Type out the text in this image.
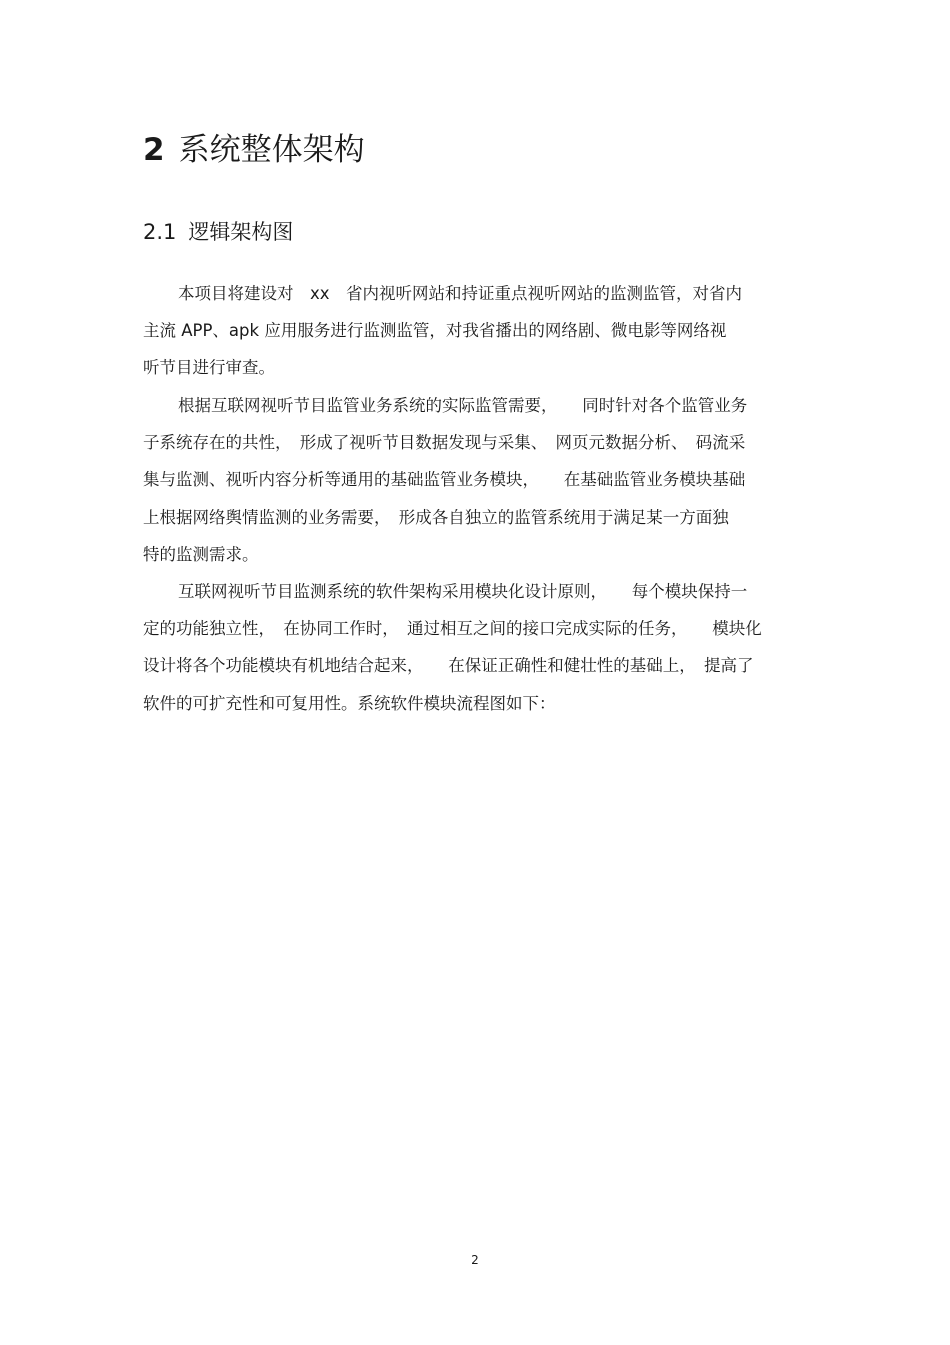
2 系统整体架构
2.1 逻辑架构图
本项目将建设对　xx　省内视听网站和持证重点视听网站的监测监管，对省内
主流 APP、apk 应用服务进行监测监管，对我省播出的网络剧、微电影等网络视
听节目进行审查。
根据互联网视听节目监管业务系统的实际监管需要，　　同时针对各个监管业务
子系统存在的共性，　形成了视听节目数据发现与采集、　网页元数据分析、　码流采
集与监测、视听内容分析等通用的基础监管业务模块，　　在基础监管业务模块基础
上根据网络舆情监测的业务需要，　形成各自独立的监管系统用于满足某一方面独
特的监测需求。
互联网视听节目监测系统的软件架构采用模块化设计原则，　　每个模块保持一
定的功能独立性，　在协同工作时，　通过相互之间的接口完成实际的任务，　　模块化
设计将各个功能模块有机地结合起来，　　在保证正确性和健壮性的基础上，　提高了
软件的可扩充性和可复用性。系统软件模块流程图如下：
2
